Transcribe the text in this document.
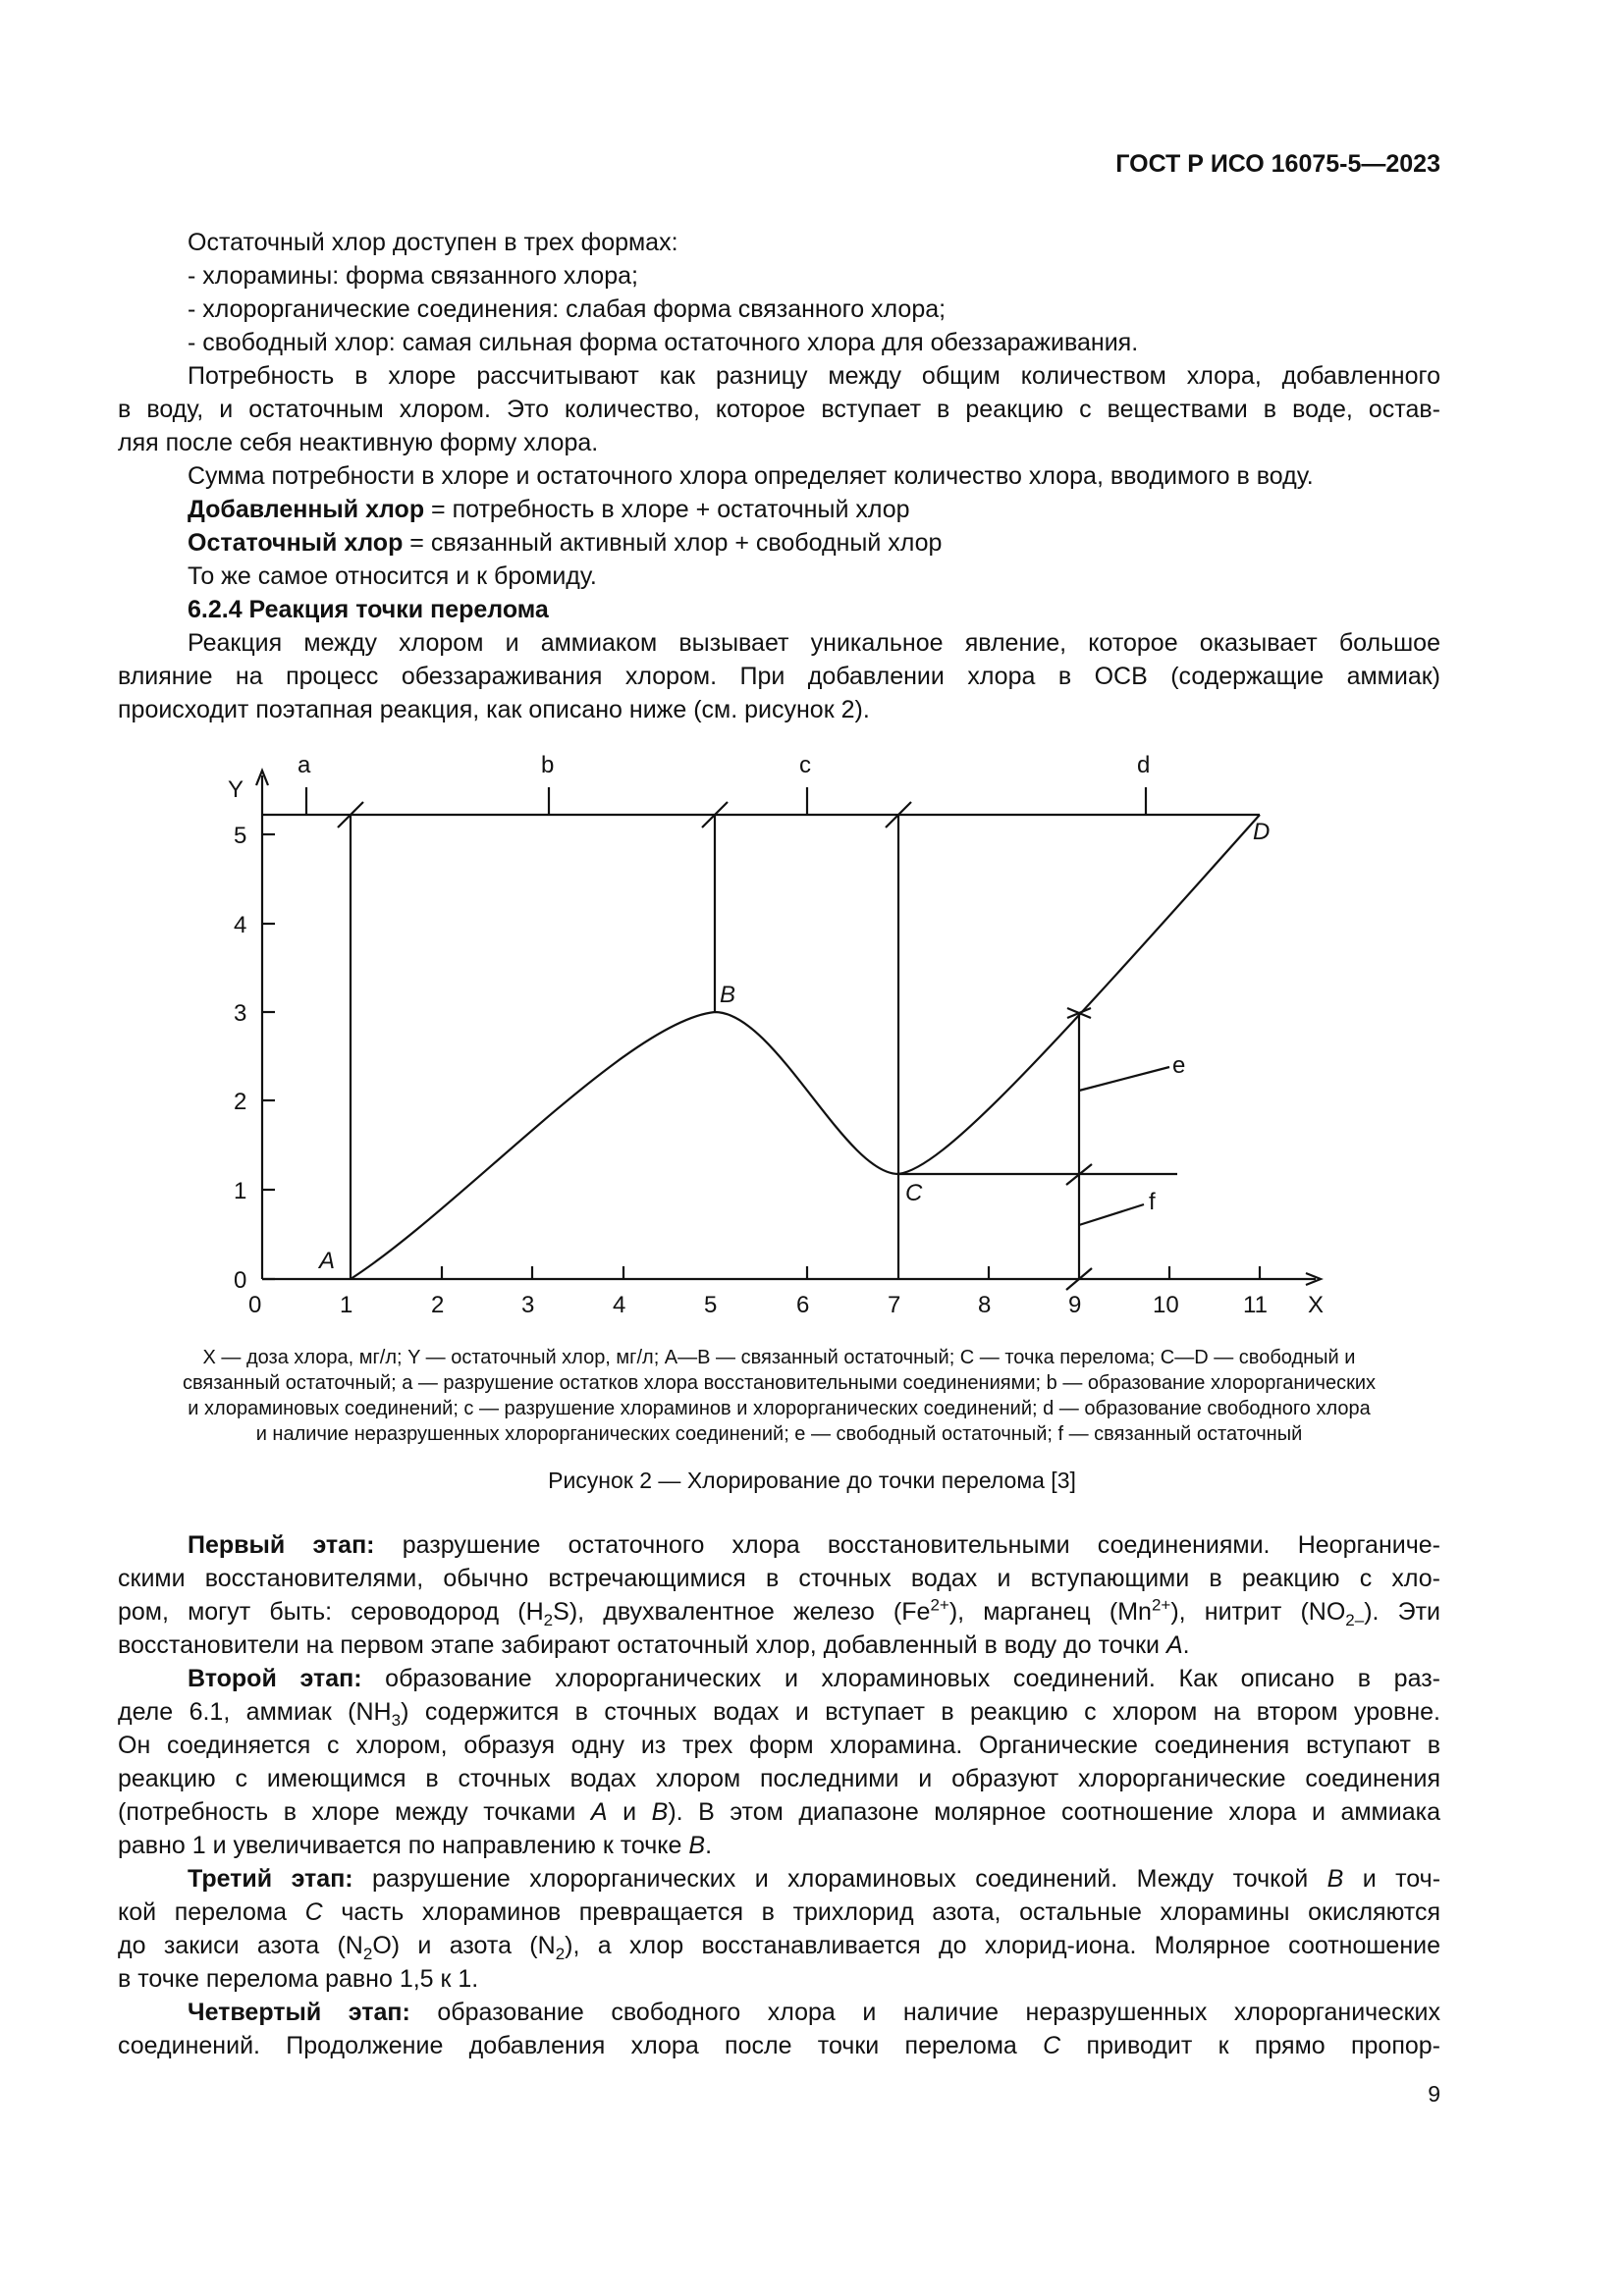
ГОСТ Р ИСО 16075-5—2023

Остаточный хлор доступен в трех формах:

- хлорамины: форма связанного хлора;

- хлорорганические соединения: слабая форма связанного хлора;

- свободный хлор: самая сильная форма остаточного хлора для обеззараживания.

Потребность в хлоре рассчитывают как разницу между общим количеством хлора, добавленного

в воду, и остаточным хлором. Это количество, которое вступает в реакцию с веществами в воде, остав-

ляя после себя неактивную форму хлора.

Сумма потребности в хлоре и остаточного хлора определяет количество хлора, вводимого в воду.

Добавленный хлор = потребность в хлоре + остаточный хлор

Остаточный хлор = связанный активный хлор + свободный хлор

То же самое относится и к бромиду.

6.2.4 Реакция точки перелома

Реакция между хлором и аммиаком вызывает уникальное явление, которое оказывает большое

влияние на процесс обеззараживания хлором. При добавлении хлора в ОСВ (содержащие аммиак)

происходит поэтапная реакция, как описано ниже (см. рисунок 2).

Y
X
0
1
2
3
4
5
0	1	2	3	4	5	6	7	8	9	10	11
a	b	c	d
A
B
C
D
e
f
X — доза хлора, мг/л; Y — остаточный хлор, мг/л; A—B — связанный остаточный; C — точка перелома; C—D — свободный и
связанный остаточный; a — разрушение остатков хлора восстановительными соединениями; b — образование хлорорганических
и хлораминовых соединений; c — разрушение хлораминов и хлорорганических соединений; d — образование свободного хлора
и наличие неразрушенных хлорорганических соединений; e — свободный остаточный; f — связанный остаточный
Рисунок 2 — Хлорирование до точки перелома [3]

Первый этап: разрушение остаточного хлора восстановительными соединениями. Неорганиче-

скими восстановителями, обычно встречающимися в сточных водах и вступающими в реакцию с хло-

ром, могут быть: сероводород $(H_2S)$, двухвалентное железо $(Fe^{2+})$, марганец $(Mn^{2+})$, нитрит $(NO_{2-})$. Эти

восстановители на первом этапе забирают остаточный хлор, добавленный в воду до точки A.

Второй этап: образование хлорорганических и хлораминовых соединений. Как описано в раз-

деле 6.1, аммиак $(NH_3)$ содержится в сточных водах и вступает в реакцию с хлором на втором уровне.

Он соединяется с хлором, образуя одну из трех форм хлорамина. Органические соединения вступают в

реакцию с имеющимся в сточных водах хлором последними и образуют хлорорганические соединения

(потребность в хлоре между точками A и B). В этом диапазоне молярное соотношение хлора и аммиака

равно 1 и увеличивается по направлению к точке B.

Третий этап: разрушение хлорорганических и хлораминовых соединений. Между точкой B и точ-

кой перелома C часть хлораминов превращается в трихлорид азота, остальные хлорамины окисляются

до закиси азота $(N_2O)$ и азота $(N_2)$, а хлор восстанавливается до хлорид-иона. Молярное соотношение

в точке перелома равно 1,5 к 1.

Четвертый этап: образование свободного хлора и наличие неразрушенных хлорорганических

соединений. Продолжение добавления хлора после точки перелома C приводит к прямо пропор-

9
